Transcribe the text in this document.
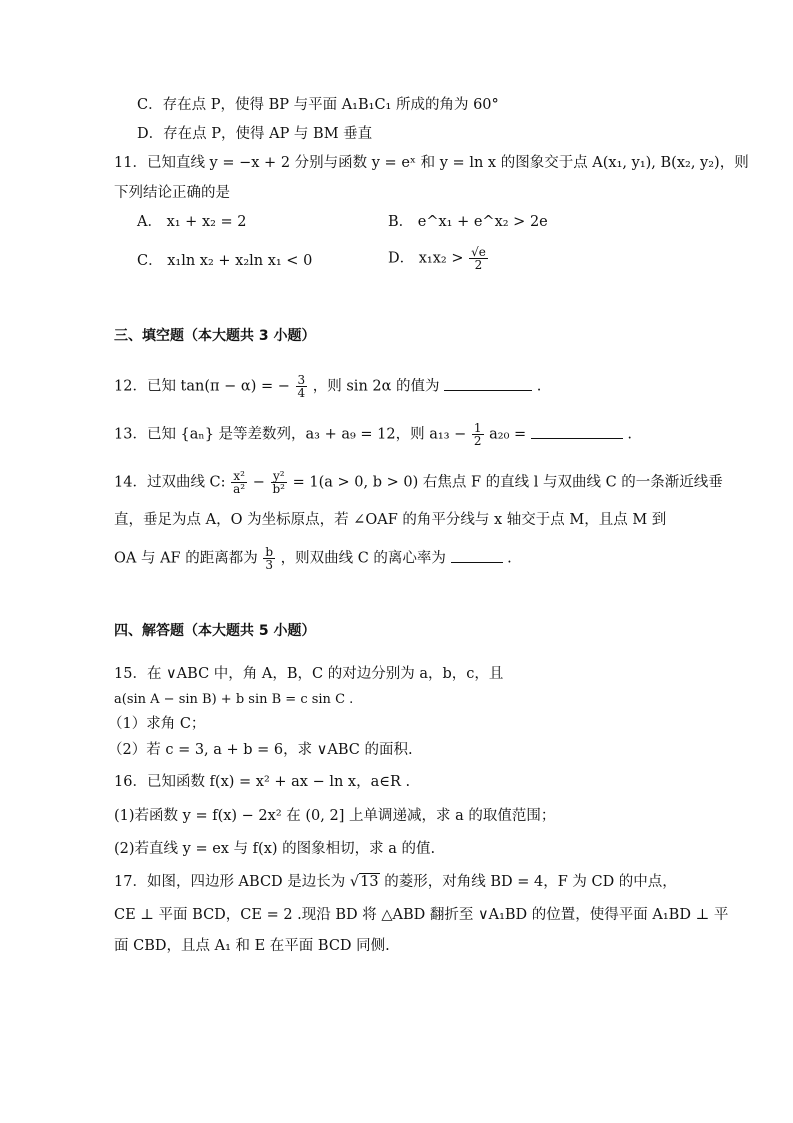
C．存在点 P，使得 BP 与平面 A₁B₁C₁ 所成的角为 60°
D．存在点 P，使得 AP 与 BM 垂直
11．已知直线 y = −x + 2 分别与函数 y = eˣ 和 y = ln x 的图象交于点 A(x₁, y₁), B(x₂, y₂)，则
下列结论正确的是
A． x₁ + x₂ = 2	B． e^x₁ + e^x₂ > 2e
C． x₁ln x₂ + x₂ln x₁ < 0	D． $x_1x_2 > \frac{√e}{2}$
三、填空题（本大题共 3 小题）
12．已知 tan(π − α) = − $\frac{3}{4}$ ，则 sin 2α 的值为	.
13．已知 {aₙ} 是等差数列，a₃ + a₉ = 12，则 $a_{13} - \frac{1}{2} a_{20}$ =	.
14．过双曲线 C: $\frac{\text{x²}}{\text{a²}} - \frac{\text{y²}}{\text{b²}} = 1(a > 0$, b > 0) 右焦点 F 的直线 l 与双曲线 C 的一条渐近线垂
直，垂足为点 A，O 为坐标原点，若 ∠OAF 的角平分线与 x 轴交于点 M，且点 M 到
OA 与 AF 的距离都为 $\frac{b}{3}$ ，则双曲线 C 的离心率为	.
四、解答题（本大题共 5 小题）
15．在 ∨ABC 中，角 A，B，C 的对边分别为 a，b，c，且
a(sin A − sin B) + b sin B = c sin C .
（1）求角 C；
（2）若 c = 3, a + b = 6，求 ∨ABC 的面积.
16．已知函数 f(x) = x² + ax − ln x，a∈R .
(1)若函数 y = f(x) − 2x² 在 (0, 2] 上单调递减，求 a 的取值范围；
(2)若直线 y = ex 与 f(x) 的图象相切，求 a 的值.
17．如图，四边形 ABCD 是边长为 √13 的菱形，对角线 BD = 4，F 为 CD 的中点，
CE ⊥ 平面 BCD，CE = 2 .现沿 BD 将 △ABD 翻折至 ∨A₁BD 的位置，使得平面 A₁BD ⊥ 平
面 CBD，且点 A₁ 和 E 在平面 BCD 同侧.
